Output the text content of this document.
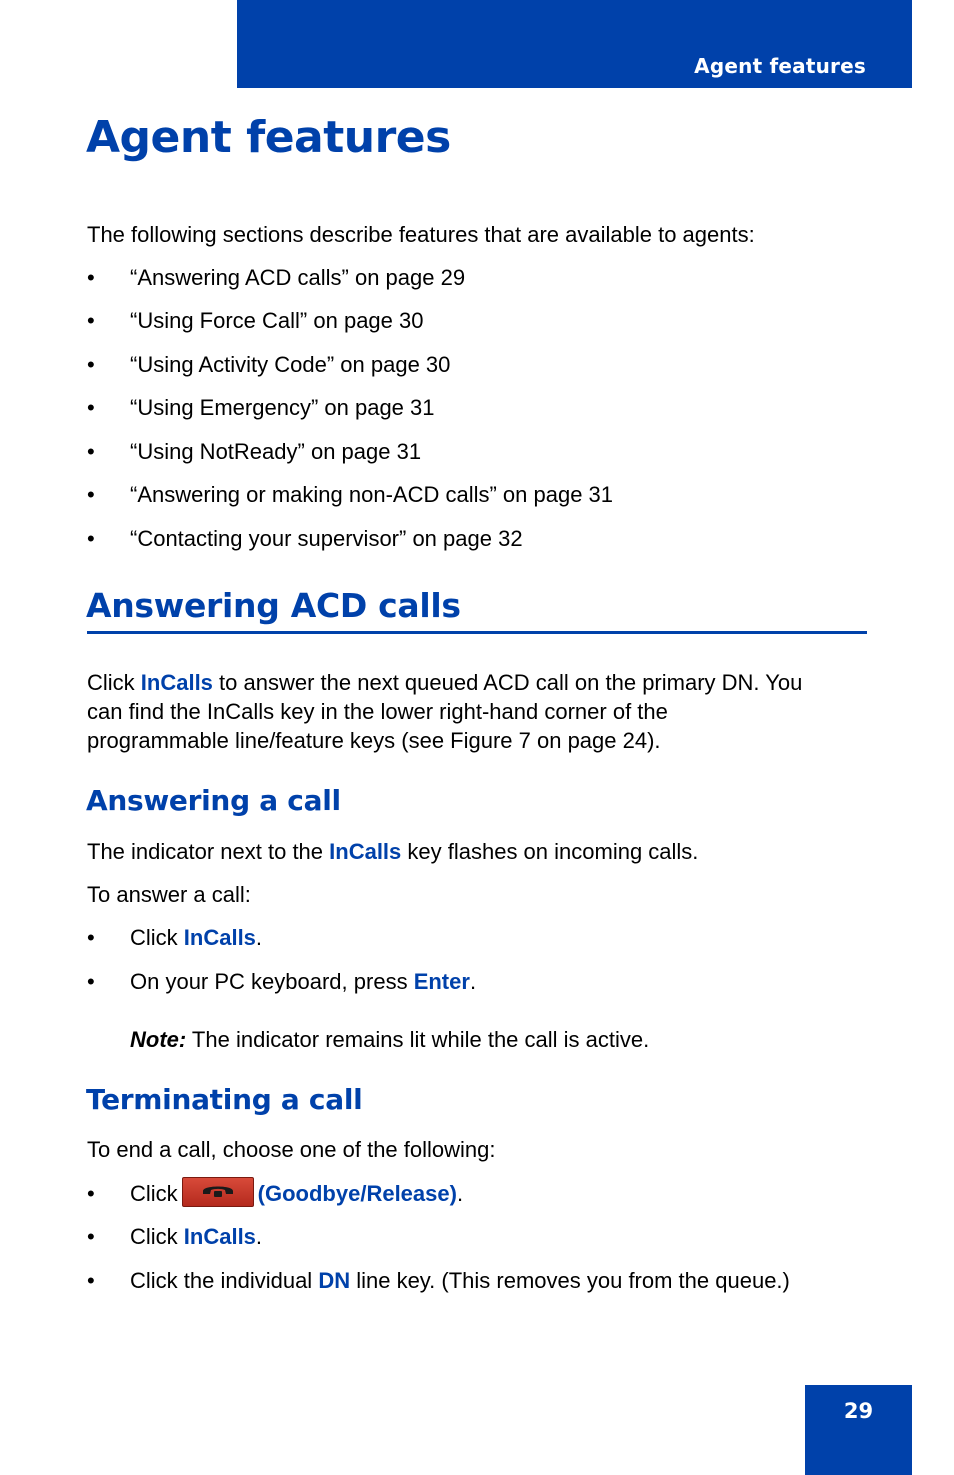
Agent features
Agent features

The following sections describe features that are available to agents:

• “Answering ACD calls” on page 29
• “Using Force Call” on page 30
• “Using Activity Code” on page 30
• “Using Emergency” on page 31
• “Using NotReady” on page 31
• “Answering or making non-ACD calls” on page 31
• “Contacting your supervisor” on page 32
Answering ACD calls

Click InCalls to answer the next queued ACD call on the primary DN. You

can find the InCalls key in the lower right-hand corner of the

programmable line/feature keys (see Figure 7 on page 24).

Answering a call

The indicator next to the InCalls key flashes on incoming calls.

To answer a call:

• Click InCalls.
• On your PC keyboard, press Enter.
Note: The indicator remains lit while the call is active.
Terminating a call

To end a call, choose one of the following:

• Click	(Goodbye/Release).
• Click InCalls.
• Click the individual DN line key. (This removes you from the queue.)
29
